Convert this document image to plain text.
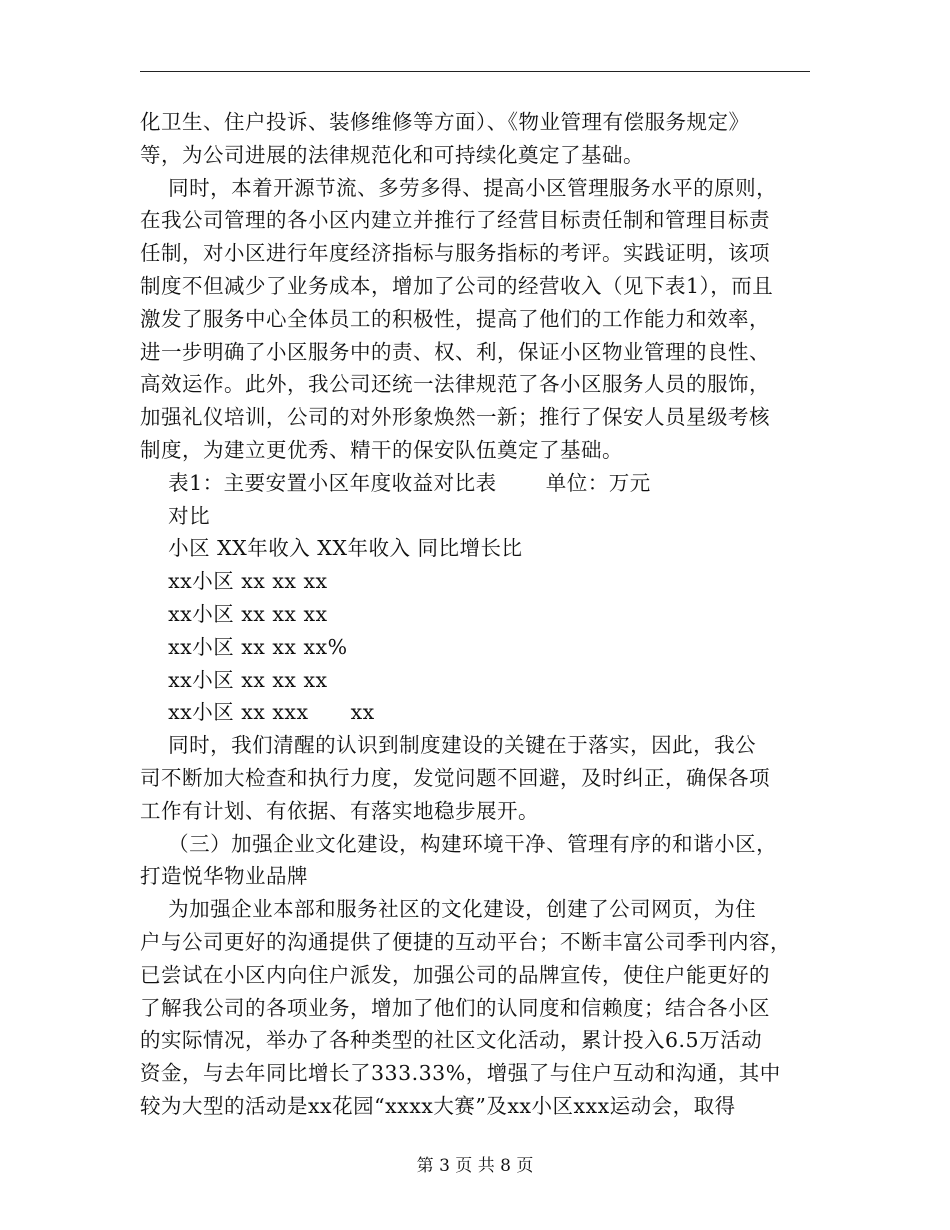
化卫生、住户投诉、装修维修等方面）、《物业管理有偿服务规定》
等，为公司进展的法律规范化和可持续化奠定了基础。
同时，本着开源节流、多劳多得、提高小区管理服务水平的原则，
在我公司管理的各小区内建立并推行了经营目标责任制和管理目标责
任制，对小区进行年度经济指标与服务指标的考评。实践证明，该项
制度不但减少了业务成本，增加了公司的经营收入（见下表1），而且
激发了服务中心全体员工的积极性，提高了他们的工作能力和效率，
进一步明确了小区服务中的责、权、利，保证小区物业管理的良性、
高效运作。此外，我公司还统一法律规范了各小区服务人员的服饰，
加强礼仪培训，公司的对外形象焕然一新；推行了保安人员星级考核
制度，为建立更优秀、精干的保安队伍奠定了基础。
表1：主要安置小区年度收益对比表       单位：万元
对比
小区 XX年收入 XX年收入 同比增长比
xx小区 xx xx xx
xx小区 xx xx xx
xx小区 xx xx xx%
xx小区 xx xx xx
xx小区 xx xxx      xx
同时，我们清醒的认识到制度建设的关键在于落实，因此，我公
司不断加大检查和执行力度，发觉问题不回避，及时纠正，确保各项
工作有计划、有依据、有落实地稳步展开。
（三）加强企业文化建设，构建环境干净、管理有序的和谐小区，
打造悦华物业品牌
为加强企业本部和服务社区的文化建设，创建了公司网页，为住
户与公司更好的沟通提供了便捷的互动平台；不断丰富公司季刊内容，
已尝试在小区内向住户派发，加强公司的品牌宣传，使住户能更好的
了解我公司的各项业务，增加了他们的认同度和信赖度；结合各小区
的实际情况，举办了各种类型的社区文化活动，累计投入6.5万活动
资金，与去年同比增长了333.33%，增强了与住户互动和沟通，其中
较为大型的活动是xx花园“xxxx大赛”及xx小区xxx运动会，取得
第 3 页 共 8 页
